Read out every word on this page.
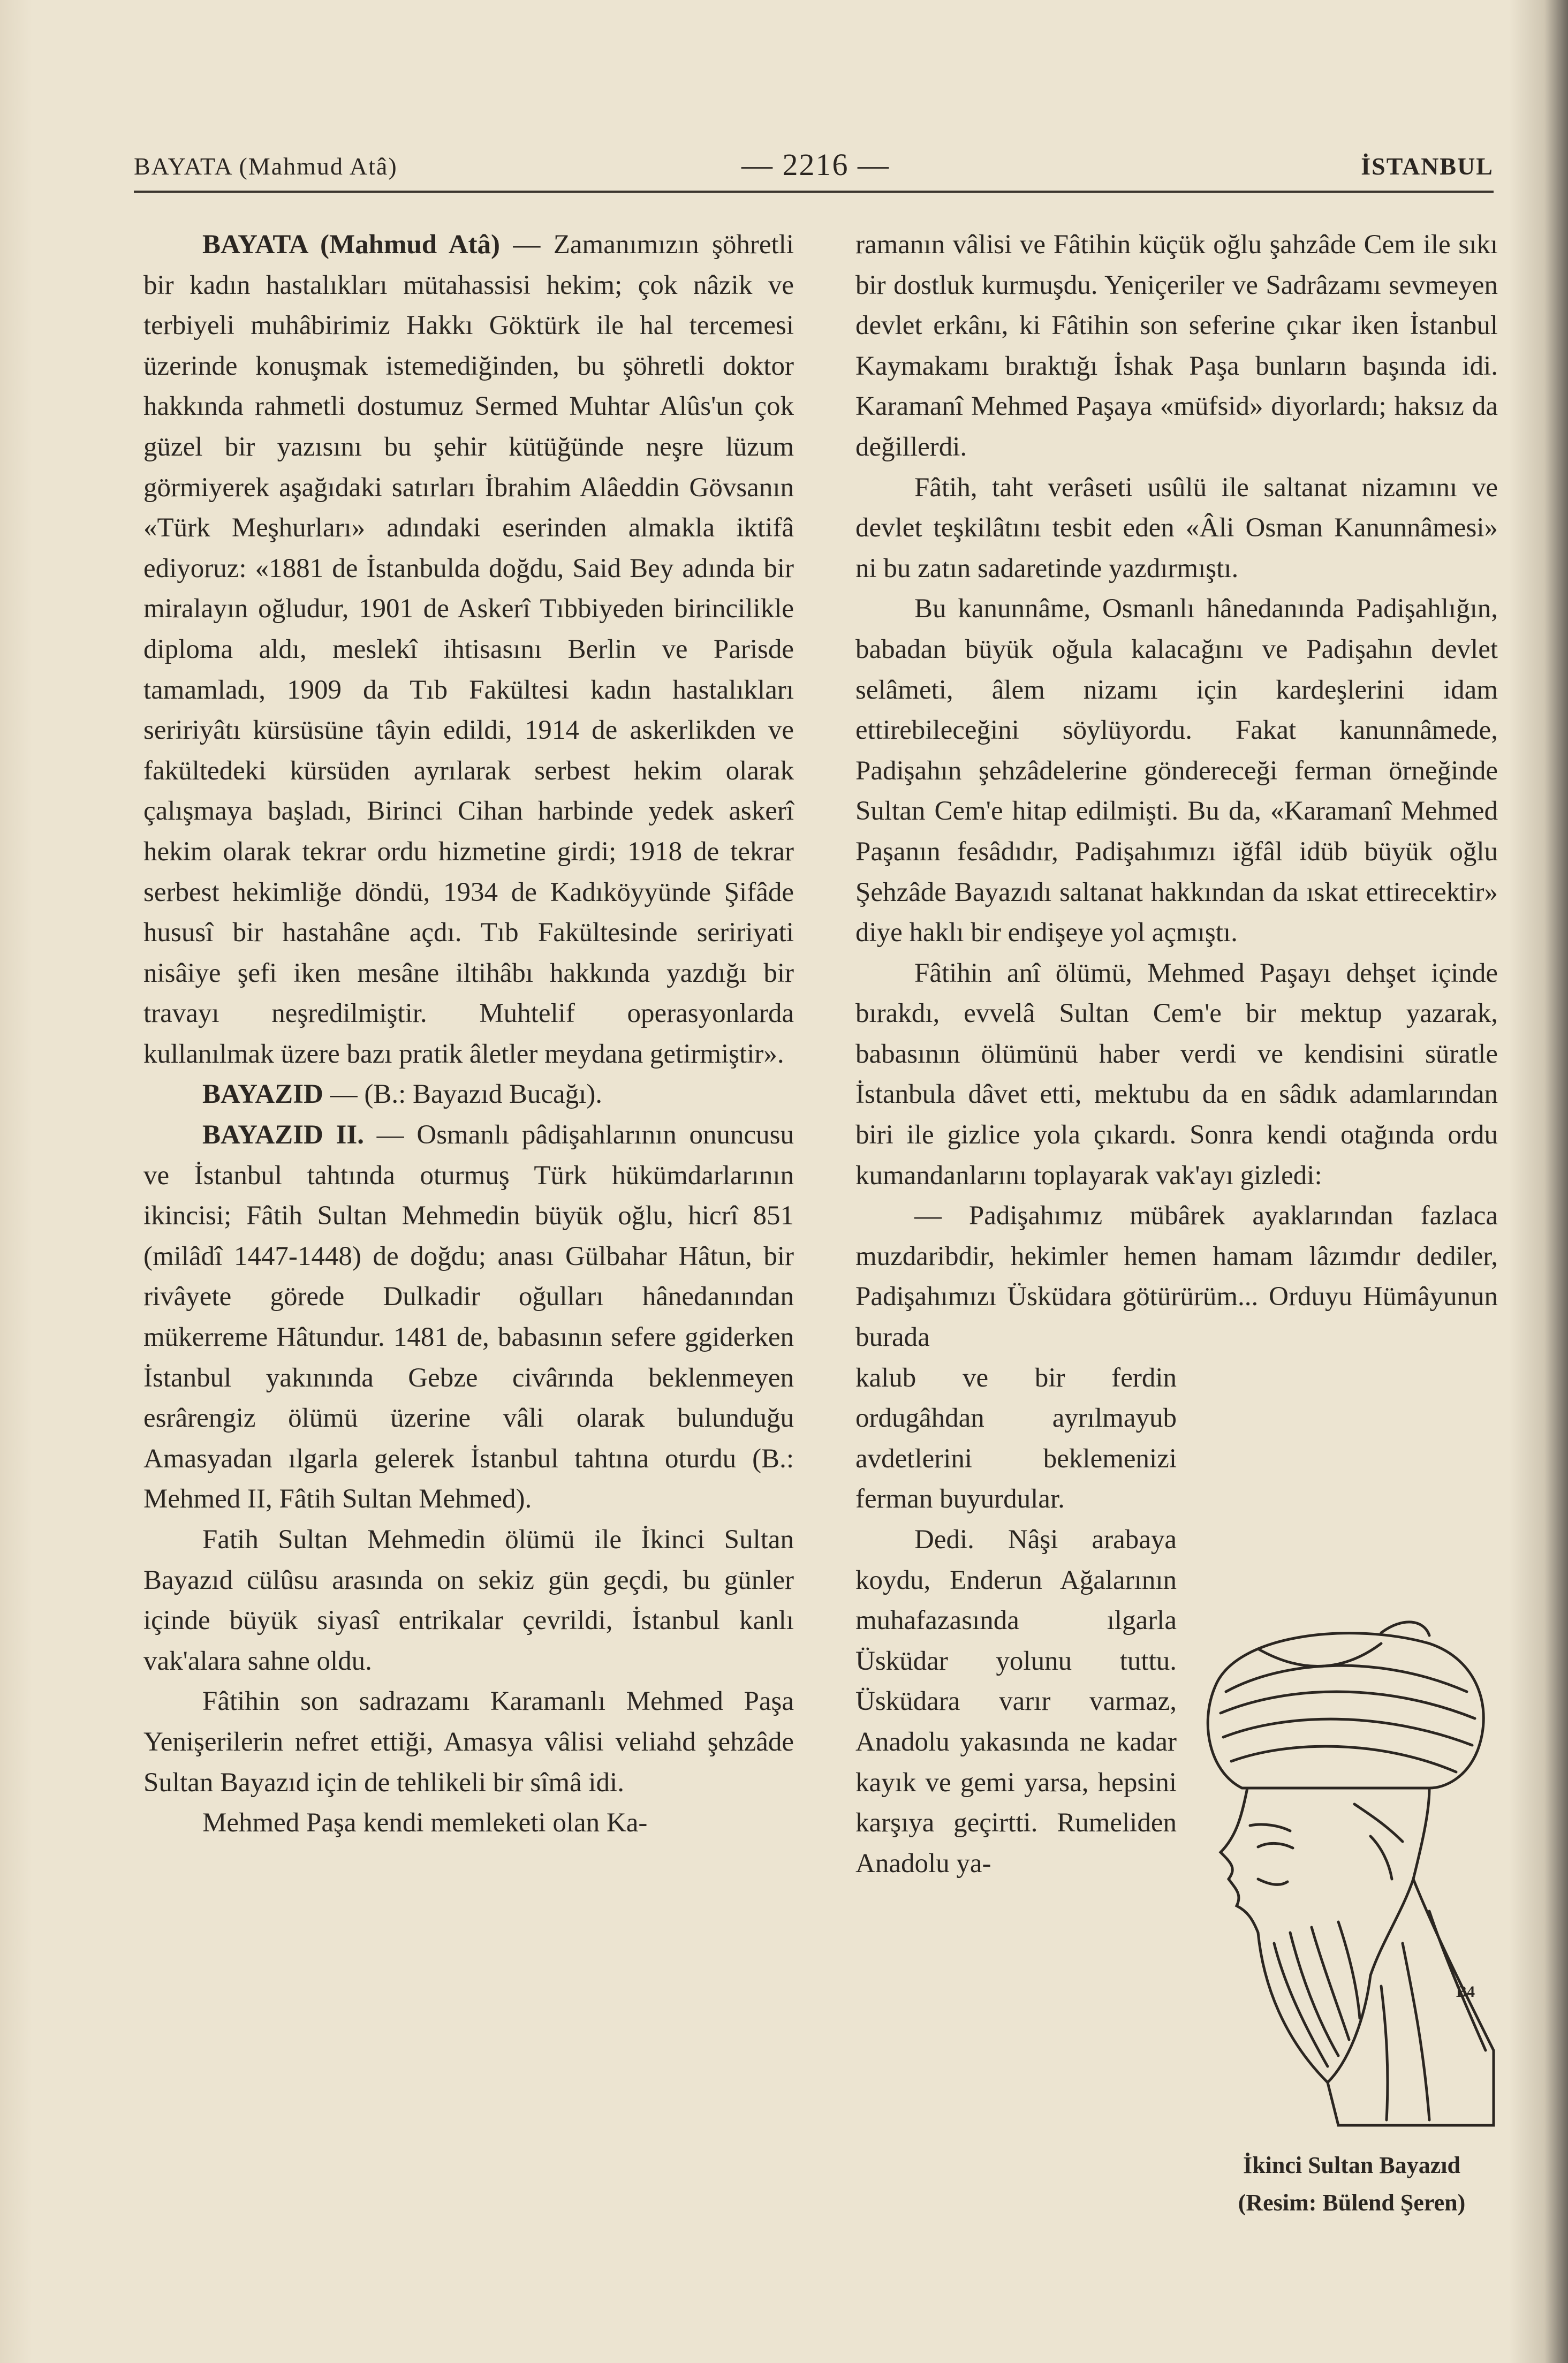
BAYATA (Mahmud Atâ)	— 2216 —	İSTANBUL

BAYATA (Mahmud Atâ) — Zamanımızın şöhretli bir kadın hastalıkları mütahassisi hekim; çok nâzik ve terbiyeli muhâbirimiz Hakkı Göktürk ile hal tercemesi üzerinde konuşmak istemediğinden, bu şöhretli doktor hakkında rahmetli dostumuz Sermed Muhtar Alûs'un çok güzel bir yazısını bu şehir kütüğünde neşre lüzum görmiyerek aşağıdaki satırları İbrahim Alâeddin Gövsanın «Türk Meşhurları» adındaki eserinden almakla iktifâ ediyoruz: «1881 de İstanbulda doğdu, Said Bey adında bir miralayın oğludur, 1901 de Askerî Tıbbiyeden birincilikle diploma aldı, meslekî ihtisasını Berlin ve Parisde tamamladı, 1909 da Tıb Fakültesi kadın hastalıkları seririyâtı kürsüsüne tâyin edildi, 1914 de askerlikden ve fakültedeki kürsüden ayrılarak serbest hekim olarak çalışmaya başladı, Birinci Cihan harbinde yedek askerî hekim olarak tekrar ordu hizmetine girdi; 1918 de tekrar serbest hekimliğe döndü, 1934 de Kadıköyyünde Şifâde hususî bir hastahâne açdı. Tıb Fakültesinde seririyati nisâiye şefi iken mesâne iltihâbı hakkında yazdığı bir travayı neşredilmiştir. Muhtelif operasyonlarda kullanılmak üzere bazı pratik âletler meydana getirmiştir».

BAYAZID — (B.: Bayazıd Bucağı).

BAYAZID II. — Osmanlı pâdişahlarının onuncusu ve İstanbul tahtında oturmuş Türk hükümdarlarının ikincisi; Fâtih Sultan Mehmedin büyük oğlu, hicrî 851 (milâdî 1447-1448) de doğdu; anası Gülbahar Hâtun, bir rivâyete görede Dulkadir oğulları hânedanından mükerreme Hâtundur. 1481 de, babasının sefere ggiderken İstanbul yakınında Gebze civârında beklenmeyen esrârengiz ölümü üzerine vâli olarak bulunduğu Amasyadan ılgarla gelerek İstanbul tahtına oturdu (B.: Mehmed II, Fâtih Sultan Mehmed).

Fatih Sultan Mehmedin ölümü ile İkinci Sultan Bayazıd cülûsu arasında on sekiz gün geçdi, bu günler içinde büyük siyasî entrikalar çevrildi, İstanbul kanlı vak'alara sahne oldu.

Fâtihin son sadrazamı Karamanlı Mehmed Paşa Yenişerilerin nefret ettiği, Amasya vâlisi veliahd şehzâde Sultan Bayazıd için de tehlikeli bir sîmâ idi.

Mehmed Paşa kendi memleketi olan Ka-

ramanın vâlisi ve Fâtihin küçük oğlu şahzâde Cem ile sıkı bir dostluk kurmuşdu. Yeniçeriler ve Sadrâzamı sevmeyen devlet erkânı, ki Fâtihin son seferine çıkar iken İstanbul Kaymakamı bıraktığı İshak Paşa bunların başında idi. Karamanî Mehmed Paşaya «müfsid» diyorlardı; haksız da değillerdi.

Fâtih, taht verâseti usûlü ile saltanat nizamını ve devlet teşkilâtını tesbit eden «Âli Osman Kanunnâmesi» ni bu zatın sadaretinde yazdırmıştı.

Bu kanunnâme, Osmanlı hânedanında Padişahlığın, babadan büyük oğula kalacağını ve Padişahın devlet selâmeti, âlem nizamı için kardeşlerini idam ettirebileceğini söylüyordu. Fakat kanunnâmede, Padişahın şehzâdelerine göndereceği ferman örneğinde Sultan Cem'e hitap edilmişti. Bu da, «Karamanî Mehmed Paşanın fesâdıdır, Padişahımızı iğfâl idüb büyük oğlu Şehzâde Bayazıdı saltanat hakkından da ıskat ettirecektir» diye haklı bir endişeye yol açmıştı.

Fâtihin anî ölümü, Mehmed Paşayı dehşet içinde bırakdı, evvelâ Sultan Cem'e bir mektup yazarak, babasının ölümünü haber verdi ve kendisini süratle İstanbula dâvet etti, mektubu da en sâdık adamlarından biri ile gizlice yola çıkardı. Sonra kendi otağında ordu kumandanlarını toplayarak vak'ayı gizledi:

— Padişahımız mübârek ayaklarından fazlaca muzdaribdir, hekimler hemen hamam lâzımdır dediler, Padişahımızı Üsküdara götürürüm... Orduyu Hümâyunun burada

kalub ve bir ferdin ordugâhdan ayrılmayub avdetlerini beklemenizi ferman buyurdular.

Dedi. Nâşi arabaya koydu, Enderun Ağalarının muhafazasında ılgarla Üsküdar yolunu tuttu. Üsküdara varır varmaz, Anadolu yakasında ne kadar kayık ve gemi yarsa, hepsini karşıya geçirtti. Rumeliden Anadolu ya-

B4
İkinci Sultan Bayazıd
(Resim: Bülend Şeren)
